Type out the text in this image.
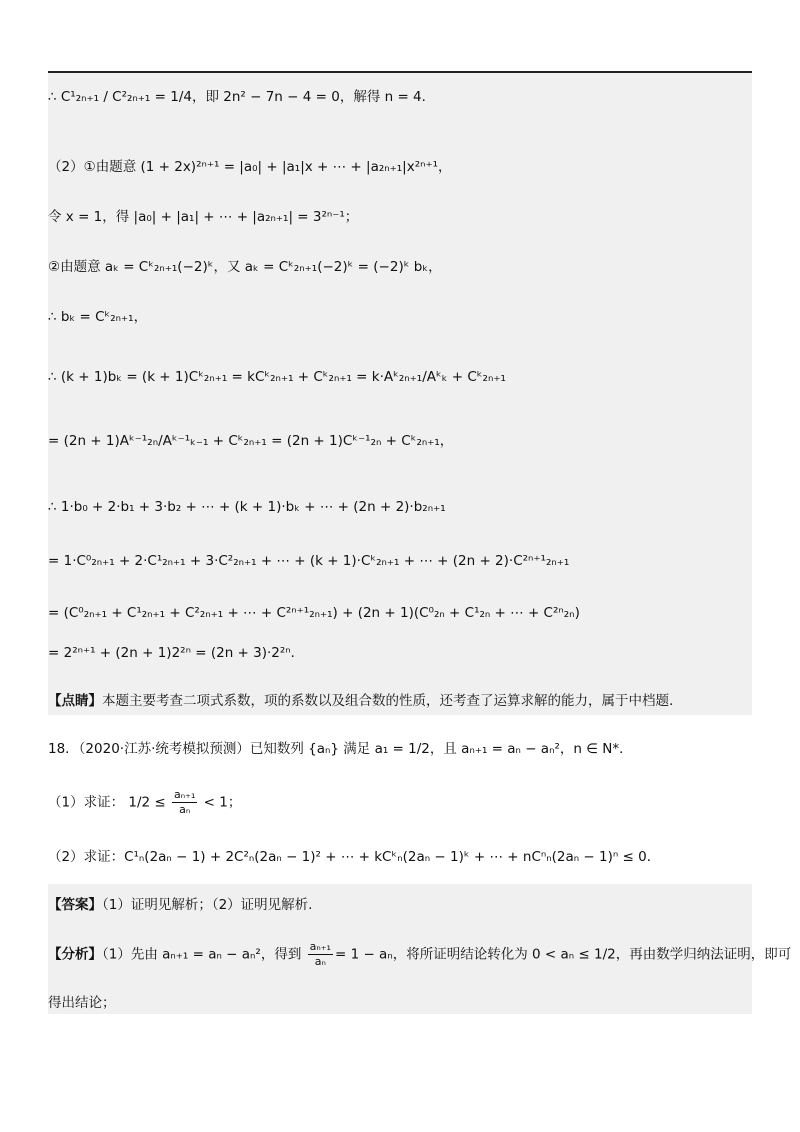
∴ C¹₂ₙ₊₁ / C²₂ₙ₊₁ = 1/4，即 2n² − 7n − 4 = 0，解得 n = 4．
（2）①由题意 (1 + 2x)²ⁿ⁺¹ = |a₀| + |a₁|x + ⋯ + |a₂ₙ₊₁|x²ⁿ⁺¹，
令 x = 1，得 |a₀| + |a₁| + ⋯ + |a₂ₙ₊₁| = 3²ⁿ⁻¹；
②由题意 aₖ = Cᵏ₂ₙ₊₁(−2)ᵏ，又 aₖ = Cᵏ₂ₙ₊₁(−2)ᵏ = (−2)ᵏ bₖ，
∴ bₖ = Cᵏ₂ₙ₊₁，
∴ (k + 1)bₖ = (k + 1)Cᵏ₂ₙ₊₁ = kCᵏ₂ₙ₊₁ + Cᵏ₂ₙ₊₁ = k·Aᵏ₂ₙ₊₁/Aᵏₖ + Cᵏ₂ₙ₊₁
= (2n + 1)Aᵏ⁻¹₂ₙ/Aᵏ⁻¹ₖ₋₁ + Cᵏ₂ₙ₊₁ = (2n + 1)Cᵏ⁻¹₂ₙ + Cᵏ₂ₙ₊₁，
∴ 1·b₀ + 2·b₁ + 3·b₂ + ⋯ + (k + 1)·bₖ + ⋯ + (2n + 2)·b₂ₙ₊₁
= 1·C⁰₂ₙ₊₁ + 2·C¹₂ₙ₊₁ + 3·C²₂ₙ₊₁ + ⋯ + (k + 1)·Cᵏ₂ₙ₊₁ + ⋯ + (2n + 2)·C²ⁿ⁺¹₂ₙ₊₁
= (C⁰₂ₙ₊₁ + C¹₂ₙ₊₁ + C²₂ₙ₊₁ + ⋯ + C²ⁿ⁺¹₂ₙ₊₁) + (2n + 1)(C⁰₂ₙ + C¹₂ₙ + ⋯ + C²ⁿ₂ₙ)
= 2²ⁿ⁺¹ + (2n + 1)2²ⁿ = (2n + 3)·2²ⁿ．
【点睛】本题主要考查二项式系数，项的系数以及组合数的性质，还考查了运算求解的能力，属于中档题.
18．（2020·江苏·统考模拟预测）已知数列 {aₙ} 满足 a₁ = 1/2，且 aₙ₊₁ = aₙ − aₙ²，n ∈ N*．
（1）求证： $1/2 \le \frac{\text{aₙ₊₁}}{\text{aₙ}} < 1$；
（2）求证：C¹ₙ(2aₙ − 1) + 2C²ₙ(2aₙ − 1)² + ⋯ + kCᵏₙ(2aₙ − 1)ᵏ + ⋯ + nCⁿₙ(2aₙ − 1)ⁿ ≤ 0．
【答案】（1）证明见解析；（2）证明见解析.
【分析】（1）先由 aₙ₊₁ = aₙ − aₙ²，得到 $\frac{\text{aₙ₊₁}}{\text{aₙ}} = 1 - a_n$，将所证明结论转化为 0 < aₙ ≤ 1/2，再由数学归纳法证明，即可
得出结论；
